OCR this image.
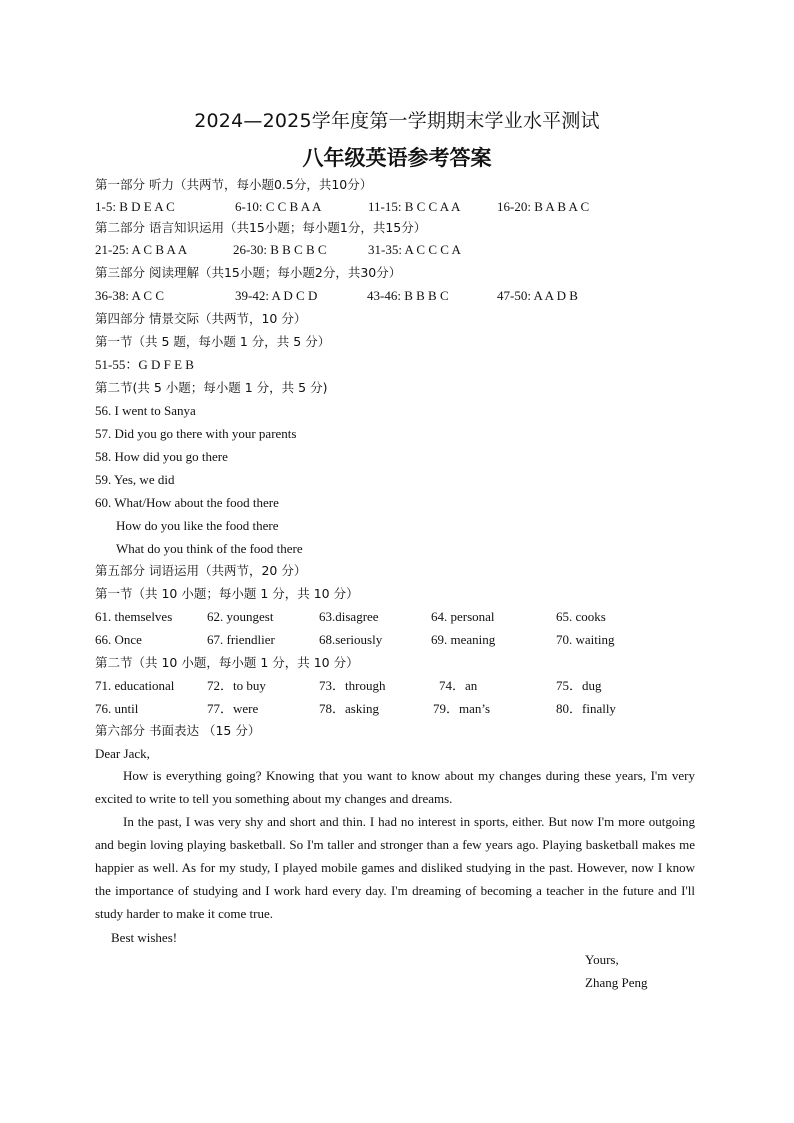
2024—2025学年度第一学期期末学业水平测试
八年级英语参考答案
第一部分 听力（共两节，每小题0.5分，共10分）
1-5: B D E A C	6-10: C C B A A	11-15: B C C A A	16-20: B A B A C
第二部分 语言知识运用（共15小题；每小题1分，共15分）
21-25: A C B A A	26-30: B B C B C	31-35: A C C C A
第三部分 阅读理解（共15小题；每小题2分，共30分）
36-38: A C C	39-42: A D C D	43-46: B B B C	47-50: A A D B
第四部分 情景交际（共两节，10 分）
第一节（共 5 题，每小题 1 分，共 5 分）
51-55：G D F E B
第二节(共 5 小题；每小题 1 分，共 5 分)
56. I went to Sanya
57. Did you go there with your parents
58. How did you go there
59. Yes, we did
60. What/How about the food there
How do you like the food there
What do you think of the food there
第五部分 词语运用（共两节，20 分）
第一节（共 10 小题；每小题 1 分，共 10 分）
61. themselves	62. youngest	63.disagree	64. personal	65. cooks
66. Once	67. friendlier	68.seriously	69. meaning	70. waiting
第二节（共 10 小题，每小题 1 分，共 10 分）
71. educational	72．to buy	73．through	74．an	75．dug
76. until	77．were	78．asking	79．man’s	80．finally
第六部分 书面表达 （15 分）
Dear Jack,
How is everything going? Knowing that you want to know about my changes during these years, I'm very excited to write to tell you something about my changes and dreams.
In the past, I was very shy and short and thin. I had no interest in sports, either. But now I'm more outgoing and begin loving playing basketball. So I'm taller and stronger than a few years ago. Playing basketball makes me happier as well. As for my study, I played mobile games and disliked studying in the past. However, now I know the importance of studying and I work hard every day. I'm dreaming of becoming a teacher in the future and I'll study harder to make it come true.
Best wishes!
Yours,
Zhang Peng
